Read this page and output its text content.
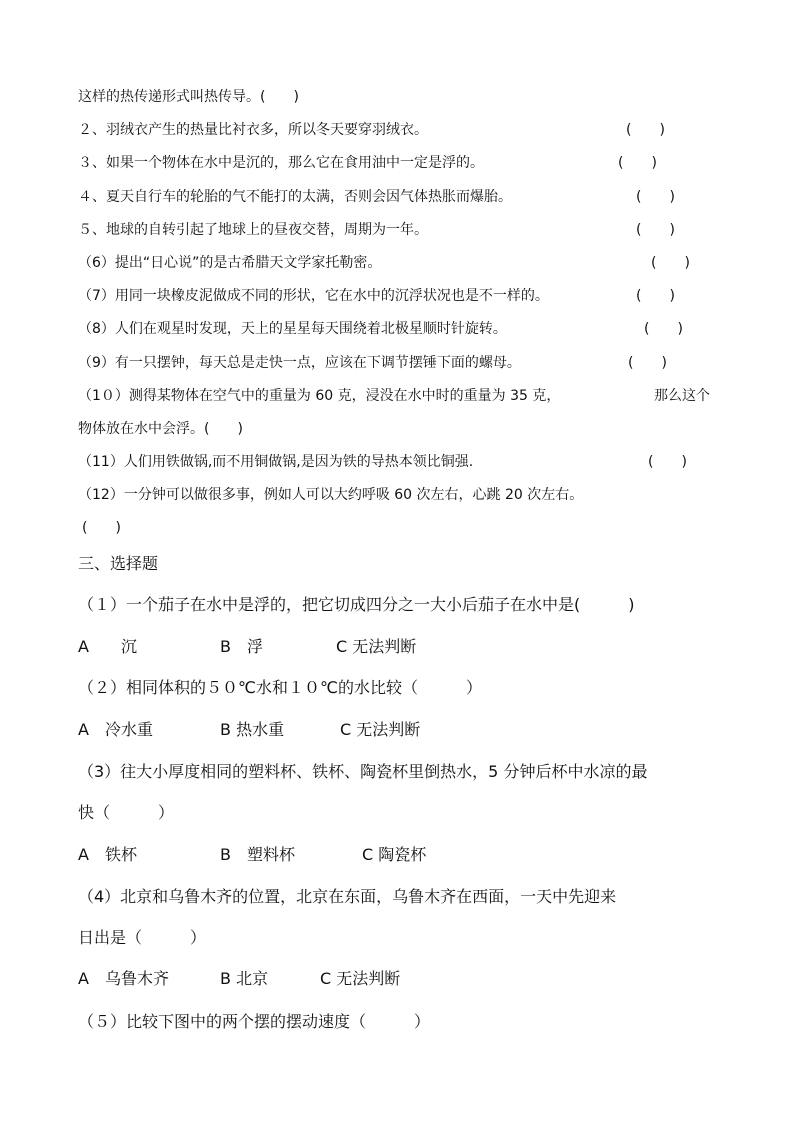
这样的热传递形式叫热传导。(　　)
２、羽绒衣产生的热量比衬衣多，所以冬天要穿羽绒衣。	(　　)
３、如果一个物体在水中是沉的，那么它在食用油中一定是浮的。	(　　)
４、夏天自行车的轮胎的气不能打的太满，否则会因气体热胀而爆胎。	(　　)
５、地球的自转引起了地球上的昼夜交替，周期为一年。	(　　)
（6）提出“日心说”的是古希腊天文学家托勒密。	(　　)
（7）用同一块橡皮泥做成不同的形状，它在水中的沉浮状况也是不一样的。	(　　)
（8）人们在观星时发现，天上的星星每天围绕着北极星顺时针旋转。	(　　)
（9）有一只摆钟，每天总是走快一点，应该在下调节摆锤下面的螺母。	(　　)
（1０）测得某物体在空气中的重量为 60 克，浸没在水中时的重量为 35 克，	那么这个
物体放在水中会浮。(　　)
（11）人们用铁做锅,而不用铜做锅,是因为铁的导热本领比铜强.	(　　)
（12）一分钟可以做很多事，例如人可以大约呼吸 60 次左右，心跳 20 次左右。
(　　)
三、选择题
（１）一个茄子在水中是浮的，把它切成四分之一大小后茄子在水中是(　　　)
A　　沉	B　浮	C 无法判断
（２）相同体积的５０℃水和１０℃的水比较（　　　）
A　冷水重	B 热水重	C 无法判断
（3）往大小厚度相同的塑料杯、铁杯、陶瓷杯里倒热水，5 分钟后杯中水凉的最
快（　　　）
A　铁杯	B　塑料杯	C 陶瓷杯
（4）北京和乌鲁木齐的位置，北京在东面，乌鲁木齐在西面，一天中先迎来
日出是（　　　）
A　乌鲁木齐	B 北京	C 无法判断
（５）比较下图中的两个摆的摆动速度（　　　）
